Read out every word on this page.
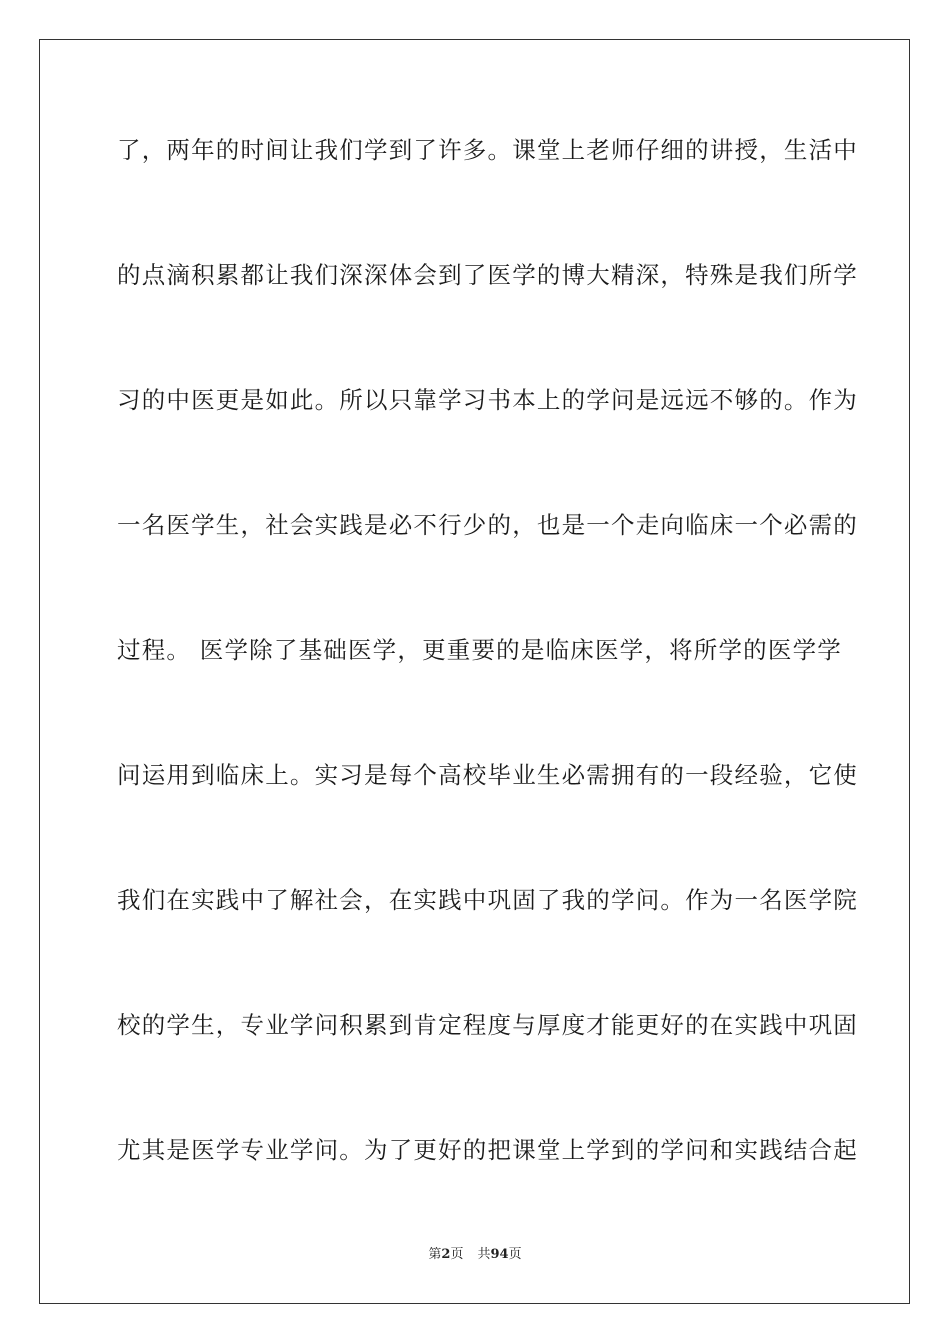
了，两年的时间让我们学到了许多。课堂上老师仔细的讲授，生活中
的点滴积累都让我们深深体会到了医学的博大精深，特殊是我们所学
习的中医更是如此。所以只靠学习书本上的学问是远远不够的。作为
一名医学生，社会实践是必不行少的，也是一个走向临床一个必需的
过程。 医学除了基础医学，更重要的是临床医学，将所学的医学学
问运用到临床上。实习是每个高校毕业生必需拥有的一段经验，它使
我们在实践中了解社会，在实践中巩固了我的学问。作为一名医学院
校的学生，专业学问积累到肯定程度与厚度才能更好的在实践中巩固
尤其是医学专业学问。为了更好的把课堂上学到的学问和实践结合起
第2页 共94页
